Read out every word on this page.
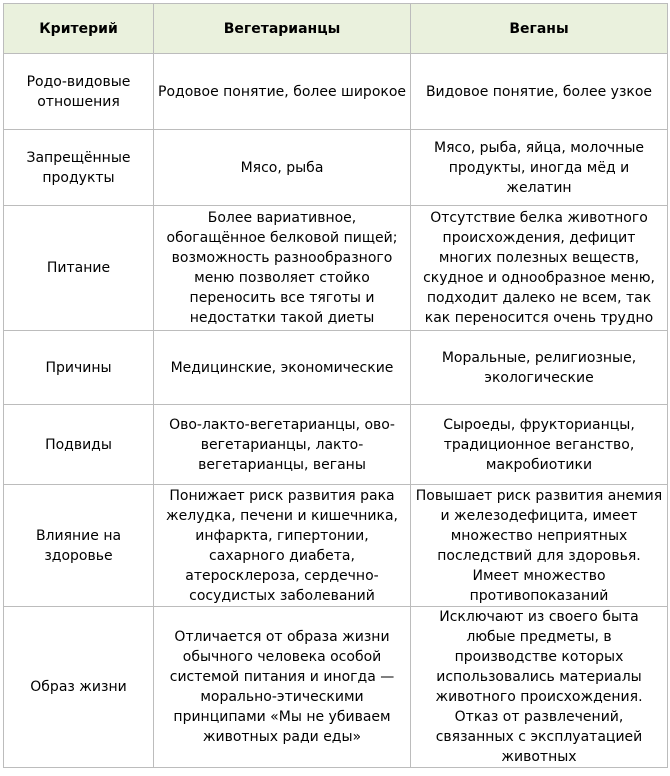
Критерий	Вегетарианцы	Веганы
Родо-видовые отношения	Родовое понятие, более широкое	Видовое понятие, более узкое
Запрещённые продукты	Мясо, рыба	Мясо, рыба, яйца, молочные продукты, иногда мёд и желатин
Питание	Более вариативное, обогащённое белковой пищей; возможность разнообразного меню позволяет стойко переносить все тяготы и недостатки такой диеты	Отсутствие белка животного происхождения, дефицит многих полезных веществ, скудное и однообразное меню, подходит далеко не всем, так как переносится очень трудно
Причины	Медицинские, экономические	Моральные, религиозные, экологические
Подвиды	Ово-лакто-вегетарианцы, ово-вегетарианцы, лакто-вегетарианцы, веганы	Сыроеды, фрукторианцы, традиционное веганство, макробиотики
Влияние на здоровье	Понижает риск развития рака желудка, печени и кишечника, инфаркта, гипертонии, сахарного диабета, атеросклероза, сердечно-сосудистых заболеваний	Повышает риск развития анемия и железодефицита, имеет множество неприятных последствий для здоровья. Имеет множество противопоказаний
Образ жизни	Отличается от образа жизни обычного человека особой системой питания и иногда — морально-этическими принципами «Мы не убиваем животных ради еды»	Исключают из своего быта любые предметы, в производстве которых использовались материалы животного происхождения. Отказ от развлечений, связанных с эксплуатацией животных
